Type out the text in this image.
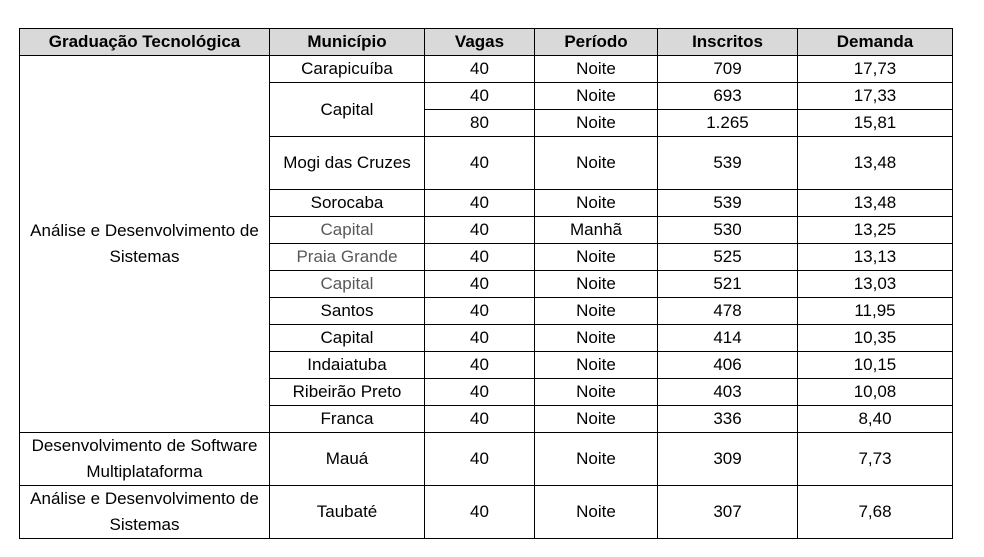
Graduação Tecnológica	Município	Vagas	Período	Inscritos	Demanda
Análise e Desenvolvimento de Sistemas	Carapicuíba	40	Noite	709	17,73
	Capital	40	Noite	693	17,33
		80	Noite	1.265	15,81
	Mogi das Cruzes	40	Noite	539	13,48
	Sorocaba	40	Noite	539	13,48
	Capital	40	Manhã	530	13,25
	Praia Grande	40	Noite	525	13,13
	Capital	40	Noite	521	13,03
	Santos	40	Noite	478	11,95
	Capital	40	Noite	414	10,35
	Indaiatuba	40	Noite	406	10,15
	Ribeirão Preto	40	Noite	403	10,08
	Franca	40	Noite	336	8,40
Desenvolvimento de Software Multiplataforma	Mauá	40	Noite	309	7,73
Análise e Desenvolvimento de Sistemas	Taubaté	40	Noite	307	7,68
